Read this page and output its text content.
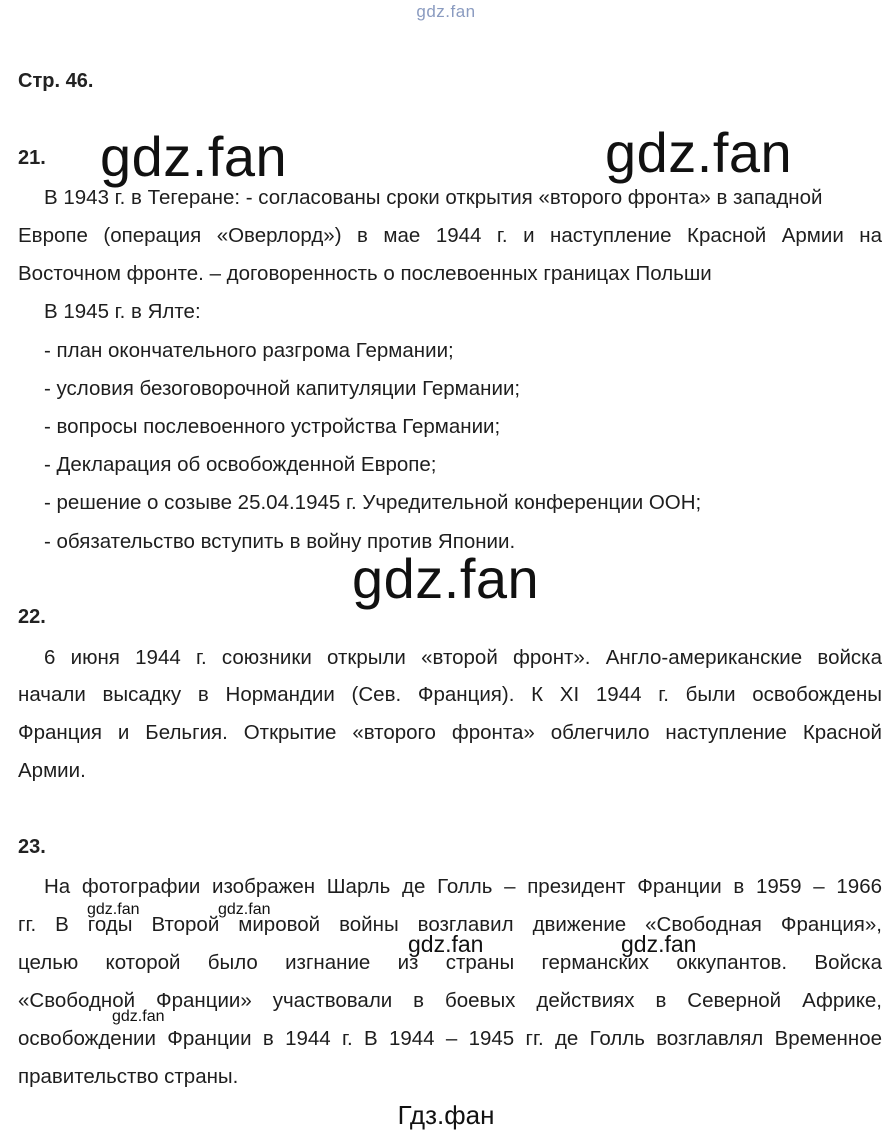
gdz.fan
Стр. 46.
21.
В 1943 г. в Тегеране: - согласованы сроки открытия «второго фронта» в западной
Европе (операция «Оверлорд») в мае 1944 г. и наступление Красной Армии на
Восточном фронте. – договоренность о послевоенных границах Польши
В 1945 г. в Ялте:
- план окончательного разгрома Германии;
- условия безоговорочной капитуляции Германии;
- вопросы послевоенного устройства Германии;
- Декларация об освобожденной Европе;
- решение о созыве 25.04.1945 г. Учредительной конференции ООН;
- обязательство вступить в войну против Японии.
22.
6 июня 1944 г. союзники открыли «второй фронт». Англо-американские войска
начали высадку в Нормандии (Сев. Франция). К XI 1944 г. были освобождены
Франция и Бельгия. Открытие «второго фронта» облегчило наступление Красной
Армии.
23.
На фотографии изображен Шарль де Голль – президент Франции в 1959 – 1966
гг. В годы Второй мировой войны возглавил движение «Свободная Франция»,
целью которой было изгнание из страны германских оккупантов. Войска
«Свободной Франции» участвовали в боевых действиях в Северной Африке,
освобождении Франции в 1944 г. В 1944 – 1945 гг. де Голль возглавлял Временное
правительство страны.
gdz.fan	gdz.fan
gdz.fan
gdz.fan	gdz.fan
gdz.fan
gdz.fan	gdz.fan
Гдз.фан
